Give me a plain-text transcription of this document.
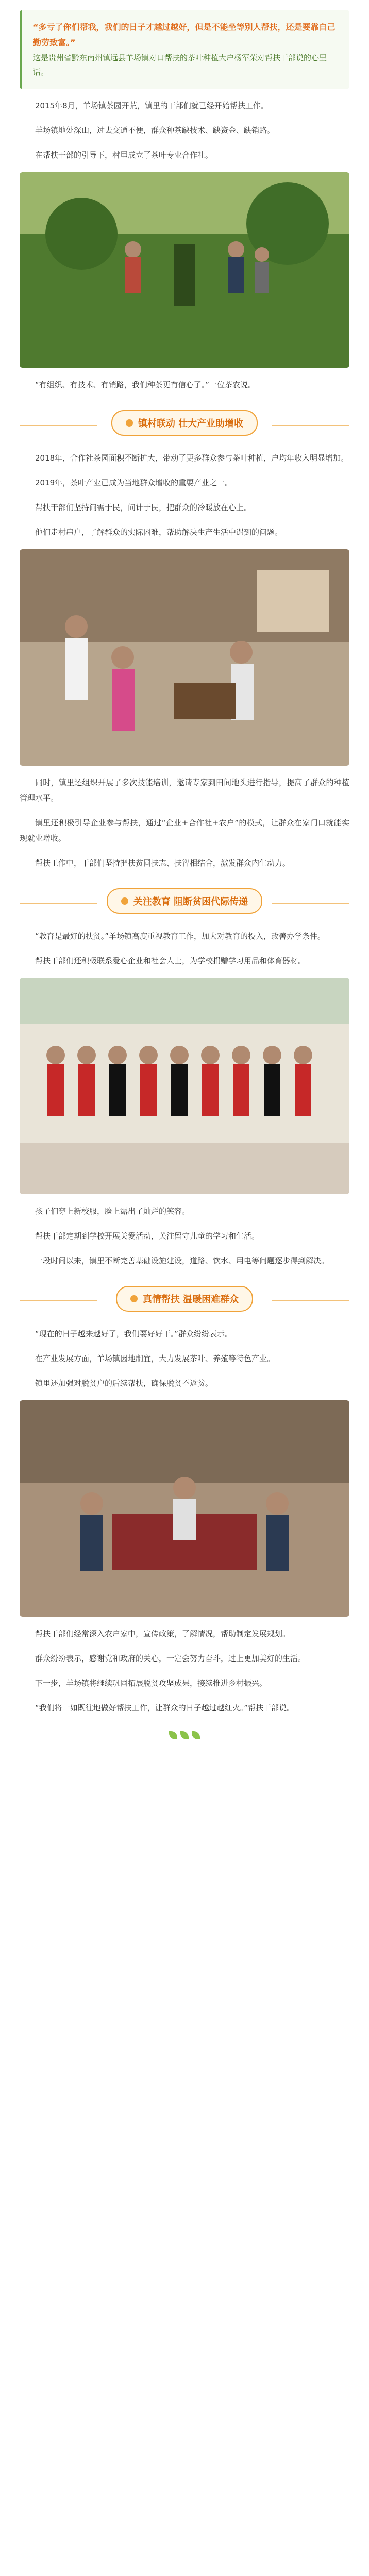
“多亏了你们帮我，我们的日子才越过越好，但是不能坐等别人帮扶，还是要靠自己勤劳致富。”
这是贵州省黔东南州镇远县羊场镇对口帮扶的茶叶种植大户杨军荣对帮扶干部说的心里话。
2015年8月，羊场镇茶园开荒，镇里的干部们就已经开始帮扶工作。
羊场镇地处深山，过去交通不便，群众种茶缺技术、缺资金、缺销路。
在帮扶干部的引导下，村里成立了茶叶专业合作社。
“有组织、有技术、有销路，我们种茶更有信心了。”一位茶农说。
镇村联动 壮大产业助增收
2018年，合作社茶园面积不断扩大，带动了更多群众参与茶叶种植，户均年收入明显增加。
2019年，茶叶产业已成为当地群众增收的重要产业之一。
帮扶干部们坚持问需于民，问计于民，把群众的冷暖放在心上。
他们走村串户，了解群众的实际困难，帮助解决生产生活中遇到的问题。
同时，镇里还组织开展了多次技能培训，邀请专家到田间地头进行指导，提高了群众的种植管理水平。
镇里还积极引导企业参与帮扶，通过“企业+合作社+农户”的模式，让群众在家门口就能实现就业增收。
帮扶工作中，干部们坚持把扶贫同扶志、扶智相结合，激发群众内生动力。
关注教育 阻断贫困代际传递
“教育是最好的扶贫。”羊场镇高度重视教育工作，加大对教育的投入，改善办学条件。
帮扶干部们还积极联系爱心企业和社会人士，为学校捐赠学习用品和体育器材。
孩子们穿上新校服，脸上露出了灿烂的笑容。
帮扶干部定期到学校开展关爱活动，关注留守儿童的学习和生活。
一段时间以来，镇里不断完善基础设施建设，道路、饮水、用电等问题逐步得到解决。
真情帮扶 温暖困难群众
“现在的日子越来越好了，我们要好好干。”群众纷纷表示。
在产业发展方面，羊场镇因地制宜，大力发展茶叶、养殖等特色产业。
镇里还加强对脱贫户的后续帮扶，确保脱贫不返贫。
帮扶干部们经常深入农户家中，宣传政策，了解情况，帮助制定发展规划。
群众纷纷表示，感谢党和政府的关心，一定会努力奋斗，过上更加美好的生活。
下一步，羊场镇将继续巩固拓展脱贫攻坚成果，接续推进乡村振兴。
“我们将一如既往地做好帮扶工作，让群众的日子越过越红火。”帮扶干部说。
